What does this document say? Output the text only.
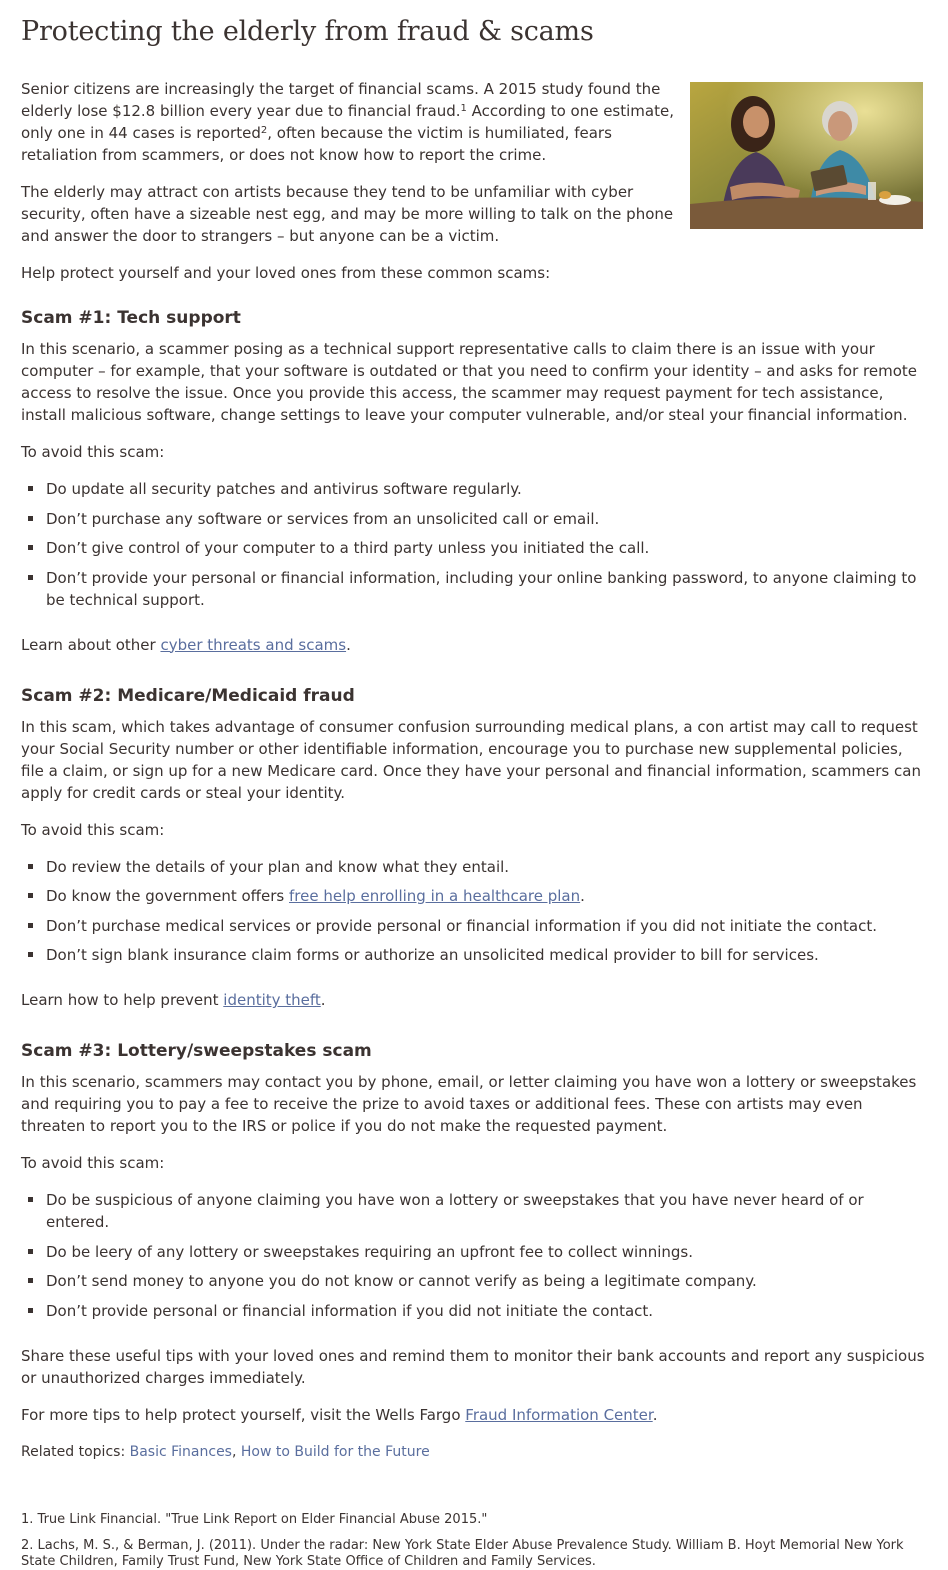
Protecting the elderly from fraud & scams

Senior citizens are increasingly the target of financial scams. A 2015 study found the elderly lose $12.8 billion every year due to financial fraud.$^1$ According to one estimate, only one in 44 cases is reported$^2$, often because the victim is humiliated, fears retaliation from scammers, or does not know how to report the crime.

The elderly may attract con artists because they tend to be unfamiliar with cyber security, often have a sizeable nest egg, and may be more willing to talk on the phone and answer the door to strangers – but anyone can be a victim.

Help protect yourself and your loved ones from these common scams:

Scam #1: Tech support

In this scenario, a scammer posing as a technical support representative calls to claim there is an issue with your computer – for example, that your software is outdated or that you need to confirm your identity – and asks for remote access to resolve the issue. Once you provide this access, the scammer may request payment for tech assistance, install malicious software, change settings to leave your computer vulnerable, and/or steal your financial information.

To avoid this scam:

Do update all security patches and antivirus software regularly.
Don’t purchase any software or services from an unsolicited call or email.
Don’t give control of your computer to a third party unless you initiated the call.
Don’t provide your personal or financial information, including your online banking password, to anyone claiming to be technical support.

Learn about other cyber threats and scams.

Scam #2: Medicare/Medicaid fraud

In this scam, which takes advantage of consumer confusion surrounding medical plans, a con artist may call to request your Social Security number or other identifiable information, encourage you to purchase new supplemental policies, file a claim, or sign up for a new Medicare card. Once they have your personal and financial information, scammers can apply for credit cards or steal your identity.

To avoid this scam:

Do review the details of your plan and know what they entail.
Do know the government offers free help enrolling in a healthcare plan.
Don’t purchase medical services or provide personal or financial information if you did not initiate the contact.
Don’t sign blank insurance claim forms or authorize an unsolicited medical provider to bill for services.

Learn how to help prevent identity theft.

Scam #3: Lottery/sweepstakes scam

In this scenario, scammers may contact you by phone, email, or letter claiming you have won a lottery or sweepstakes and requiring you to pay a fee to receive the prize to avoid taxes or additional fees. These con artists may even threaten to report you to the IRS or police if you do not make the requested payment.

To avoid this scam:

Do be suspicious of anyone claiming you have won a lottery or sweepstakes that you have never heard of or entered.
Do be leery of any lottery or sweepstakes requiring an upfront fee to collect winnings.
Don’t send money to anyone you do not know or cannot verify as being a legitimate company.
Don’t provide personal or financial information if you did not initiate the contact.

Share these useful tips with your loved ones and remind them to monitor their bank accounts and report any suspicious or unauthorized charges immediately.

For more tips to help protect yourself, visit the Wells Fargo Fraud Information Center.

Related topics: Basic Finances, How to Build for the Future

1. True Link Financial. "True Link Report on Elder Financial Abuse 2015."

2. Lachs, M. S., & Berman, J. (2011). Under the radar: New York State Elder Abuse Prevalence Study. William B. Hoyt Memorial New York State Children, Family Trust Fund, New York State Office of Children and Family Services.
